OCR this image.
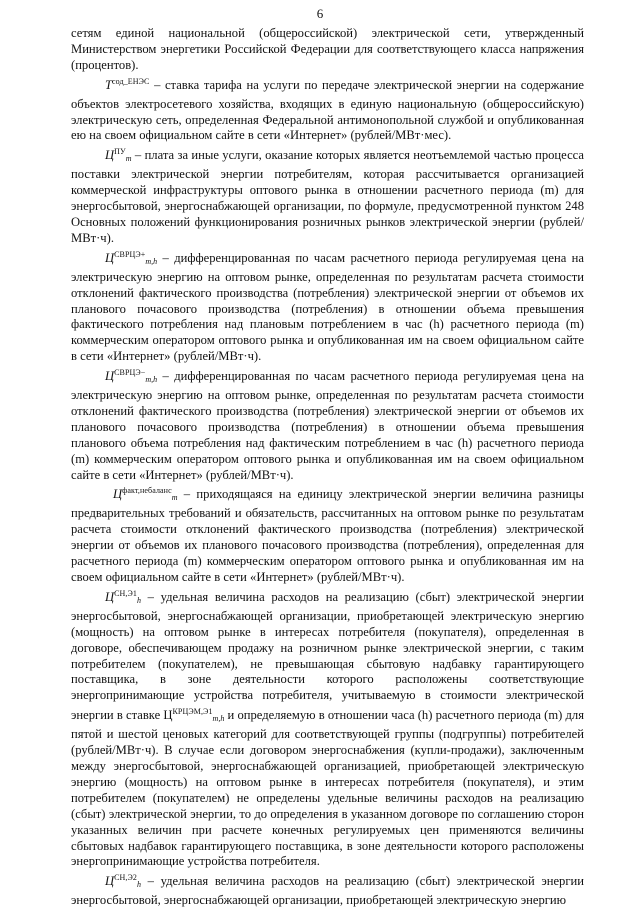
6

сетям единой национальной (общероссийской) электрической сети, утвержденный Министерством энергетики Российской Федерации для соответствующего класса напряжения (процентов).

$Т^{сод\_ЕНЭС}$ – ставка тарифа на услуги по передаче электрической энергии на содержание объектов электросетевого хозяйства, входящих в единую национальную (общероссийскую) электрическую сеть, определенная Федеральной антимонопольной службой и опубликованная ею на своем официальном сайте в сети «Интернет» (рублей/МВт·мес).

$Ц^{ПУ}_m$ – плата за иные услуги, оказание которых является неотъемлемой частью процесса поставки электрической энергии потребителям, которая рассчитывается организацией коммерческой инфраструктуры оптового рынка в отношении расчетного периода (m) для энергосбытовой, энергоснабжающей организации, по формуле, предусмотренной пунктом 248 Основных положений функционирования розничных рынков электрической энергии (рублей/МВт·ч).

$Ц^{СВРЦЭ+}_{m,h}$ – дифференцированная по часам расчетного периода регулируемая цена на электрическую энергию на оптовом рынке, определенная по результатам расчета стоимости отклонений фактического производства (потребления) электрической энергии от объемов их планового почасового производства (потребления) в отношении объема превышения фактического потребления над плановым потреблением в час (h) расчетного периода (m) коммерческим оператором оптового рынка и опубликованная им на своем официальном сайте в сети «Интернет» (рублей/МВт·ч).

$Ц^{СВРЦЭ-}_{m,h}$ – дифференцированная по часам расчетного периода регулируемая цена на электрическую энергию на оптовом рынке, определенная по результатам расчета стоимости отклонений фактического производства (потребления) электрической энергии от объемов их планового почасового производства (потребления) в отношении объема превышения планового объема потребления над фактическим потреблением в час (h) расчетного периода (m) коммерческим оператором оптового рынка и опубликованная им на своем официальном сайте в сети «Интернет» (рублей/МВт·ч).

$Ц^{факт,небаланс}_m$ – приходящаяся на единицу электрической энергии величина разницы предварительных требований и обязательств, рассчитанных на оптовом рынке по результатам расчета стоимости отклонений фактического производства (потребления) электрической энергии от объемов их планового почасового производства (потребления), определенная для расчетного периода (m) коммерческим оператором оптового рынка и опубликованная им на своем официальном сайте в сети «Интернет» (рублей/МВт·ч).

$Ц^{СН,Э1}_h$ – удельная величина расходов на реализацию (сбыт) электрической энергии энергосбытовой, энергоснабжающей организации, приобретающей электрическую энергию (мощность) на оптовом рынке в интересах потребителя (покупателя), определенная в договоре, обеспечивающем продажу на розничном рынке электрической энергии, с таким потребителем (покупателем), не превышающая сбытовую надбавку гарантирующего поставщика, в зоне деятельности которого расположены соответствующие энергопринимающие устройства потребителя, учитываемую в стоимости электрической энергии в ставке $Ц^{КРЦЭМ,Э1}_{m,h}$ и определяемую в отношении часа (h) расчетного периода (m) для пятой и шестой ценовых категорий для соответствующей группы (подгруппы) потребителей (рублей/МВт·ч). В случае если договором энергоснабжения (купли-продажи), заключенным между энергосбытовой, энергоснабжающей организацией, приобретающей электрическую энергию (мощность) на оптовом рынке в интересах потребителя (покупателя), и этим потребителем (покупателем) не определены удельные величины расходов на реализацию (сбыт) электрической энергии, то до определения в указанном договоре по соглашению сторон указанных величин при расчете конечных регулируемых цен применяются величины сбытовых надбавок гарантирующего поставщика, в зоне деятельности которого расположены энергопринимающие устройства потребителя.

$Ц^{СН,Э2}_h$ – удельная величина расходов на реализацию (сбыт) электрической энергии энергосбытовой, энергоснабжающей организации, приобретающей электрическую энергию
